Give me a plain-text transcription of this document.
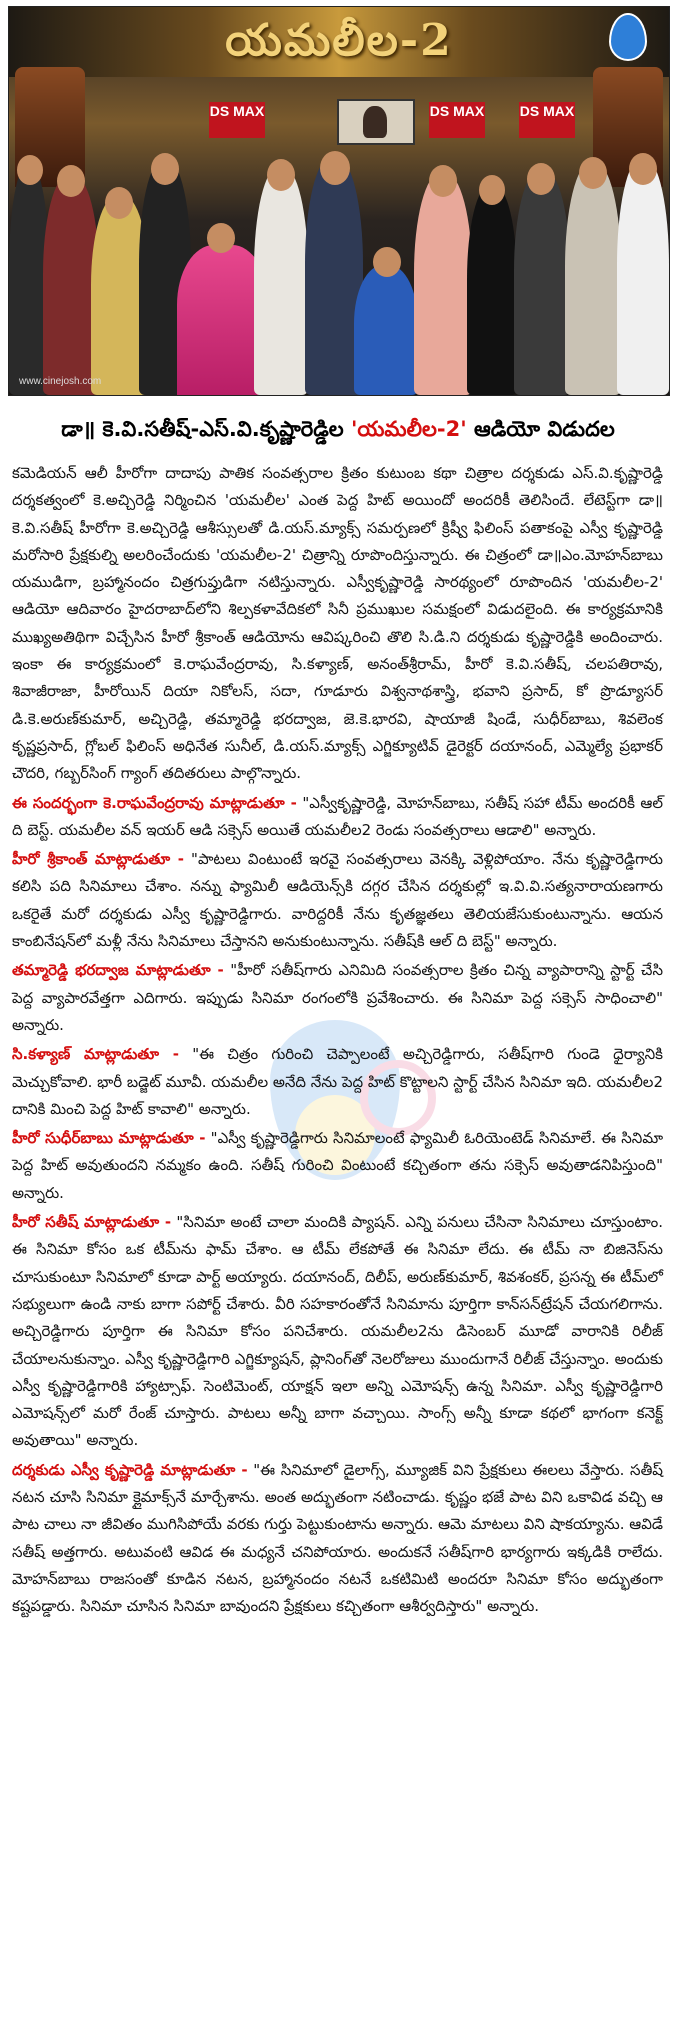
యమలీల-2
DS MAX	DS MAX	DS MAX
www.cinejosh.com
డా॥ కె.వి.సతీష్-ఎస్.వి.కృష్ణారెడ్డిల 'యమలీల-2' ఆడియో విడుదల

కమెడియన్ ఆలీ హీరోగా దాదాపు పాతిక సంవత్సరాల క్రితం కుటుంబ కథా చిత్రాల దర్శకుడు ఎస్.వి.కృష్ణారెడ్డి దర్శకత్వంలో కె.అచ్చిరెడ్డి నిర్మించిన 'యమలీల' ఎంత పెద్ద హిట్ అయిందో అందరికీ తెలిసిందే. లేటెస్ట్‌గా డా॥ కె.వి.సతీష్ హీరోగా కె.అచ్చిరెడ్డి ఆశీస్సులతో డి.యస్.మ్యాక్స్ సమర్పణలో క్రిష్వీ ఫిలింస్ పతాకంపై ఎస్వీ కృష్ణారెడ్డి మరోసారి ప్రేక్షకుల్ని అలరించేందుకు 'యమలీల-2' చిత్రాన్ని రూపొందిస్తున్నారు. ఈ చిత్రంలో డా॥ఎం.మోహన్‌బాబు యముడిగా, బ్రహ్మానందం చిత్రగుప్తుడిగా నటిస్తున్నారు. ఎస్వీకృష్ణారెడ్డి సారథ్యంలో రూపొందిన 'యమలీల-2' ఆడియో ఆదివారం హైదరాబాద్‌లోని శిల్పకళావేదికలో సినీ ప్రముఖుల సమక్షంలో విడుదలైంది. ఈ కార్యక్రమానికి ముఖ్యఅతిథిగా విచ్చేసిన హీరో శ్రీకాంత్ ఆడియోను ఆవిష్కరించి తొలి సి.డి.ని దర్శకుడు కృష్ణారెడ్డికి అందించారు. ఇంకా ఈ కార్యక్రమంలో కె.రాఘవేంద్రరావు, సి.కళ్యాణ్, అనంత్‌శ్రీరామ్, హీరో కె.వి.సతీష్, చలపతిరావు, శివాజీరాజా, హీరోయిన్ దియా నికోలస్, సదా, గూడూరు విశ్వనాథశాస్త్రి, భవాని ప్రసాద్, కో ప్రొడ్యూసర్ డి.కె.అరుణ్‌కుమార్, అచ్చిరెడ్డి, తమ్మారెడ్డి భరద్వాజ, జె.కె.భారవి, షాయాజీ షిండే, సుధీర్‌బాబు, శివలెంక కృష్ణప్రసాద్, గ్లోబల్ ఫిలింస్ అధినేత సునీల్, డి.యస్.మ్యాక్స్ ఎగ్జిక్యూటివ్ డైరెక్టర్ దయానంద్, ఎమ్మెల్యే ప్రభాకర్ చౌదరి, గబ్బర్‌సింగ్ గ్యాంగ్ తదితరులు పాల్గొన్నారు.

ఈ సందర్భంగా కె.రాఘవేంద్రరావు మాట్లాడుతూ - "ఎస్వీకృష్ణారెడ్డి, మోహన్‌బాబు, సతీష్ సహా టీమ్ అందరికీ ఆల్ ది బెస్ట్. యమలీల వన్ ఇయర్ ఆడి సక్సెస్ అయితే యమలీల2 రెండు సంవత్సరాలు ఆడాలి" అన్నారు.

హీరో శ్రీకాంత్ మాట్లాడుతూ - "పాటలు వింటుంటే ఇరవై సంవత్సరాలు వెనక్కి వెళ్లిపోయాం. నేను కృష్ణారెడ్డిగారు కలిసి పది సినిమాలు చేశాం. నన్ను ఫ్యామిలీ ఆడియెన్స్‌కి దగ్గర చేసిన దర్శకుల్లో ఇ.వి.వి.సత్యనారాయణగారు ఒకరైతే మరో దర్శకుడు ఎస్వీ కృష్ణారెడ్డిగారు. వారిద్దరికీ నేను కృతజ్ఞతలు తెలియజేసుకుంటున్నాను. ఆయన కాంబినేషన్‌లో మళ్లీ నేను సినిమాలు చేస్తానని అనుకుంటున్నాను. సతీష్‌కి ఆల్ ది బెస్ట్" అన్నారు.

తమ్మారెడ్డి భరద్వాజ మాట్లాడుతూ - "హీరో సతీష్‌గారు ఎనిమిది సంవత్సరాల క్రితం చిన్న వ్యాపారాన్ని స్టార్ట్ చేసి పెద్ద వ్యాపారవేత్తగా ఎదిగారు. ఇప్పుడు సినిమా రంగంలోకి ప్రవేశించారు. ఈ సినిమా పెద్ద సక్సెస్ సాధించాలి" అన్నారు.

సి.కళ్యాణ్ మాట్లాడుతూ - "ఈ చిత్రం గురించి చెప్పాలంటే అచ్చిరెడ్డిగారు, సతీష్‌గారి గుండె ధైర్యానికి మెచ్చుకోవాలి. భారీ బడ్జెట్ మూవీ. యమలీల అనేది నేను పెద్ద హిట్ కొట్టాలని స్టార్ట్ చేసిన సినిమా ఇది. యమలీల2 దానికి మించి పెద్ద హిట్ కావాలి" అన్నారు.

హీరో సుధీర్‌బాబు మాట్లాడుతూ - "ఎస్వీ కృష్ణారెడ్డిగారు సినిమాలంటే ఫ్యామిలీ ఓరియెంటెడ్ సినిమాలే. ఈ సినిమా పెద్ద హిట్ అవుతుందని నమ్మకం ఉంది. సతీష్ గురించి వింటుంటే కచ్చితంగా తను సక్సెస్ అవుతాడనిపిస్తుంది" అన్నారు.

హీరో సతీష్ మాట్లాడుతూ - "సినిమా అంటే చాలా మందికి ప్యాషన్. ఎన్ని పనులు చేసినా సినిమాలు చూస్తుంటాం. ఈ సినిమా కోసం ఒక టీమ్‌ను ఫామ్ చేశాం. ఆ టీమ్ లేకపోతే ఈ సినిమా లేదు. ఈ టీమ్ నా బిజినెస్‌ను చూసుకుంటూ సినిమాలో కూడా పార్ట్ అయ్యారు. దయానంద్, దిలీప్, అరుణ్‌కుమార్, శివశంకర్, ప్రసన్న ఈ టీమ్‌లో సభ్యులుగా ఉండి నాకు బాగా సపోర్ట్ చేశారు. వీరి సహకారంతోనే సినిమాను పూర్తిగా కాన్‌సన్‌ట్రేషన్ చేయగలిగాను. అచ్చిరెడ్డిగారు పూర్తిగా ఈ సినిమా కోసం పనిచేశారు. యమలీల2ను డిసెంబర్ మూడో వారానికి రిలీజ్ చేయాలనుకున్నాం. ఎస్వీ కృష్ణారెడ్డిగారి ఎగ్జిక్యూషన్, ప్లానింగ్‌తో నెలరోజులు ముందుగానే రిలీజ్ చేస్తున్నాం. అందుకు ఎస్వీ కృష్ణారెడ్డిగారికి హ్యాట్సాఫ్. సెంటిమెంట్, యాక్షన్ ఇలా అన్ని ఎమోషన్స్ ఉన్న సినిమా. ఎస్వీ కృష్ణారెడ్డిగారి ఎమోషన్స్‌లో మరో రేంజ్ చూస్తారు. పాటలు అన్నీ బాగా వచ్చాయి. సాంగ్స్ అన్నీ కూడా కథలో భాగంగా కనెక్ట్ అవుతాయి" అన్నారు.

దర్శకుడు ఎస్వీ కృష్ణారెడ్డి మాట్లాడుతూ - "ఈ సినిమాలో డైలాగ్స్, మ్యూజిక్ విని ప్రేక్షకులు ఈలలు వేస్తారు. సతీష్ నటన చూసి సినిమా క్లైమాక్స్‌నే మార్చేశాను. అంత అద్భుతంగా నటించాడు. కృష్ణం భజే పాట విని ఒకావిడ వచ్చి ఆ పాట చాలు నా జీవితం ముగిసిపోయే వరకు గుర్తు పెట్టుకుంటాను అన్నారు. ఆమె మాటలు విని షాకయ్యాను. ఆవిడే సతీష్ అత్తగారు. అటువంటి ఆవిడ ఈ మధ్యనే చనిపోయారు. అందుకనే సతీష్‌గారి భార్యగారు ఇక్కడికి రాలేదు. మోహన్‌బాబు రాజసంతో కూడిన నటన, బ్రహ్మానందం నటనే ఒకటిమిటి అందరూ సినిమా కోసం అద్భుతంగా కష్టపడ్డారు. సినిమా చూసిన సినిమా బావుందని ప్రేక్షకులు కచ్చితంగా ఆశీర్వదిస్తారు" అన్నారు.
